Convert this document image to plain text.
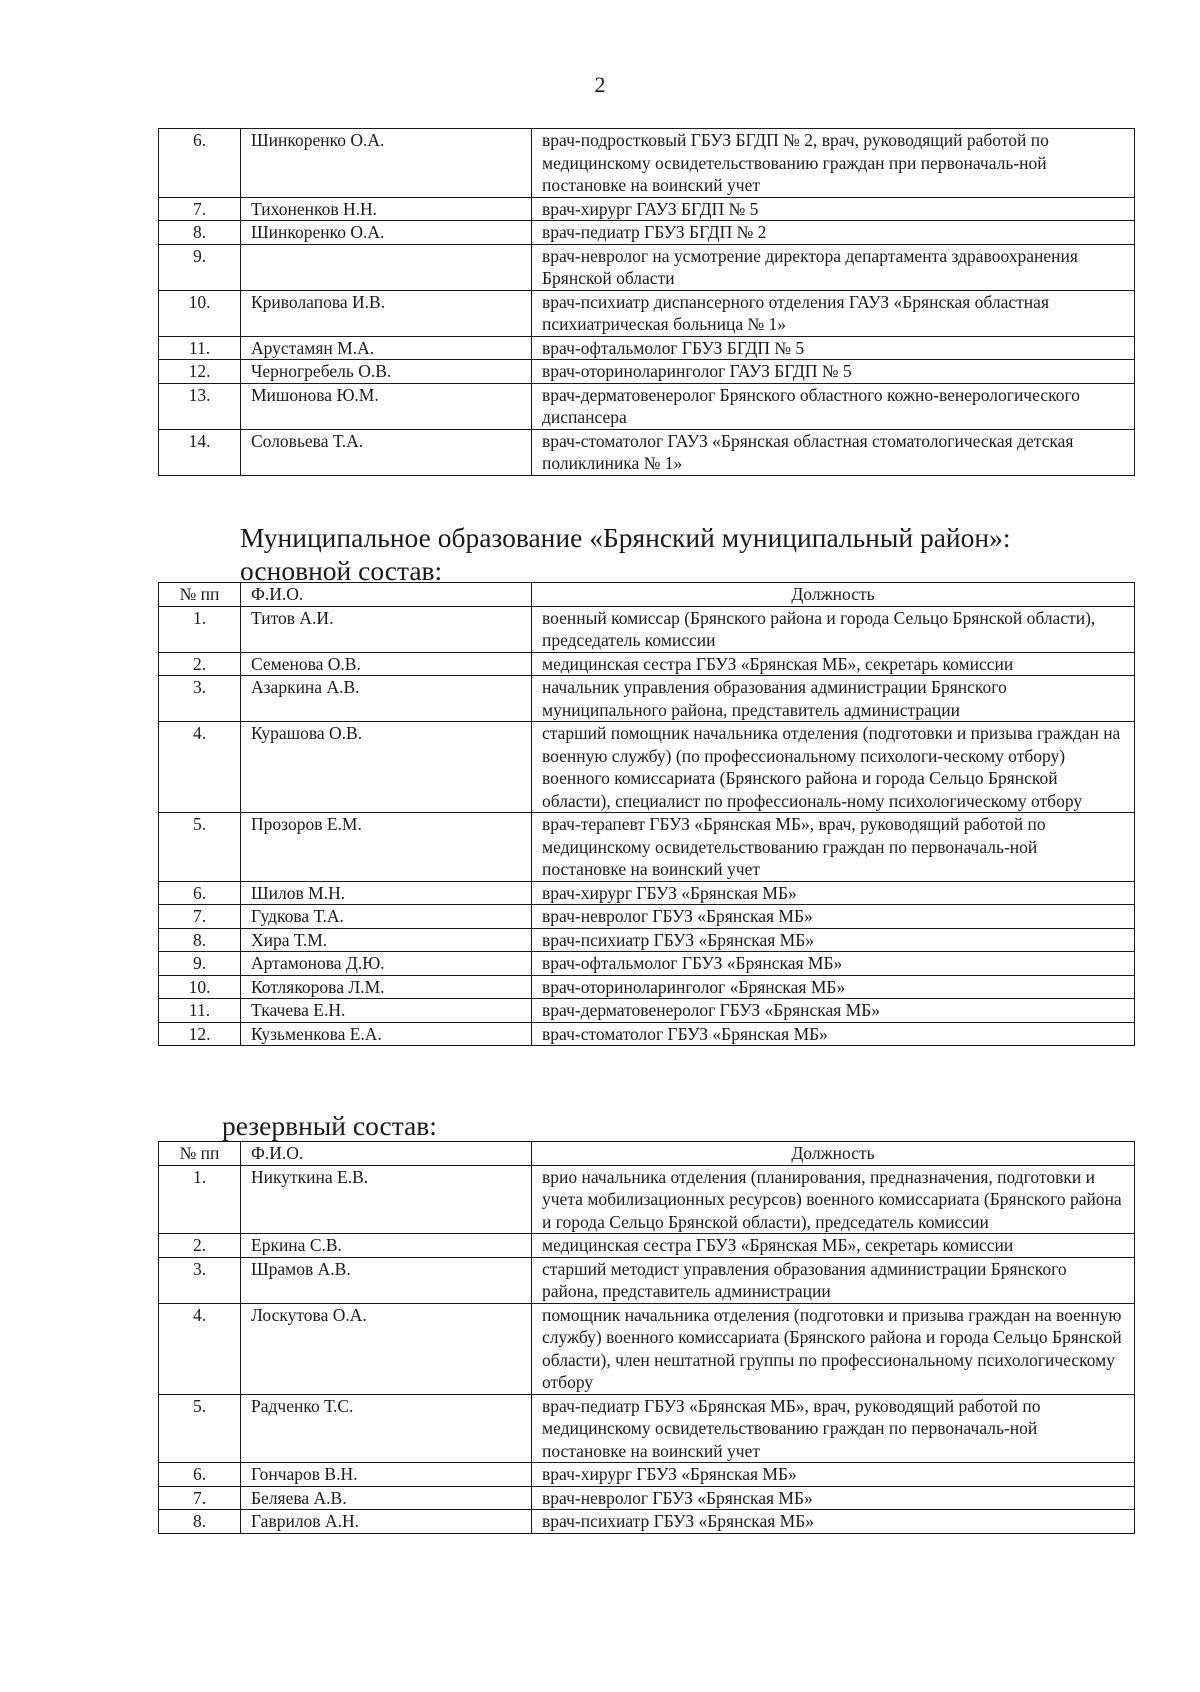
2
6.	Шинкоренко О.А.	врач-подростковый ГБУЗ БГДП № 2, врач, руководящий работой по медицинскому освидетельствованию граждан при первоначаль-ной постановке на воинский учет
7.	Тихоненков Н.Н.	врач-хирург ГАУЗ БГДП № 5
8.	Шинкоренко О.А.	врач-педиатр ГБУЗ БГДП № 2
9.		врач-невролог на усмотрение директора департамента здравоохранения Брянской области
10.	Криволапова И.В.	врач-психиатр диспансерного отделения ГАУЗ «Брянская областная психиатрическая больница № 1»
11.	Арустамян М.А.	врач-офтальмолог ГБУЗ БГДП № 5
12.	Черногребель О.В.	врач-оториноларинголог ГАУЗ БГДП № 5
13.	Мишонова Ю.М.	врач-дерматовенеролог Брянского областного кожно-венерологического диспансера
14.	Соловьева Т.А.	врач-стоматолог ГАУЗ «Брянская областная стоматологическая детская поликлиника № 1»
Муниципальное образование «Брянский муниципальный район»:
основной состав:
№ пп	Ф.И.О.	Должность
1.	Титов А.И.	военный комиссар (Брянского района и города Сельцо Брянской области), председатель комиссии
2.	Семенова О.В.	медицинская сестра ГБУЗ «Брянская МБ», секретарь комиссии
3.	Азаркина А.В.	начальник управления образования администрации Брянского муниципального района, представитель администрации
4.	Курашова О.В.	старший помощник начальника отделения (подготовки и призыва граждан на военную службу) (по профессиональному психологи-ческому отбору) военного комиссариата (Брянского района и города Сельцо Брянской области), специалист по профессиональ-ному психологическому отбору
5.	Прозоров Е.М.	врач-терапевт ГБУЗ «Брянская МБ», врач, руководящий работой по медицинскому освидетельствованию граждан по первоначаль-ной постановке на воинский учет
6.	Шилов М.Н.	врач-хирург ГБУЗ «Брянская МБ»
7.	Гудкова Т.А.	врач-невролог ГБУЗ «Брянская МБ»
8.	Хира Т.М.	врач-психиатр ГБУЗ «Брянская МБ»
9.	Артамонова Д.Ю.	врач-офтальмолог ГБУЗ «Брянская МБ»
10.	Котлякорова Л.М.	врач-оториноларинголог «Брянская МБ»
11.	Ткачева Е.Н.	врач-дерматовенеролог ГБУЗ «Брянская МБ»
12.	Кузьменкова Е.А.	врач-стоматолог ГБУЗ «Брянская МБ»
резервный состав:
№ пп	Ф.И.О.	Должность
1.	Никуткина Е.В.	врио начальника отделения (планирования, предназначения, подготовки и учета мобилизационных ресурсов) военного комиссариата (Брянского района и города Сельцо Брянской области), председатель комиссии
2.	Еркина С.В.	медицинская сестра ГБУЗ «Брянская МБ», секретарь комиссии
3.	Шрамов А.В.	старший методист управления образования администрации Брянского района, представитель администрации
4.	Лоскутова О.А.	помощник начальника отделения (подготовки и призыва граждан на военную службу) военного комиссариата (Брянского района и города Сельцо Брянской области), член нештатной группы по профессиональному психологическому отбору
5.	Радченко Т.С.	врач-педиатр ГБУЗ «Брянская МБ», врач, руководящий работой по медицинскому освидетельствованию граждан по первоначаль-ной постановке на воинский учет
6.	Гончаров В.Н.	врач-хирург ГБУЗ «Брянская МБ»
7.	Беляева А.В.	врач-невролог ГБУЗ «Брянская МБ»
8.	Гаврилов А.Н.	врач-психиатр ГБУЗ «Брянская МБ»
